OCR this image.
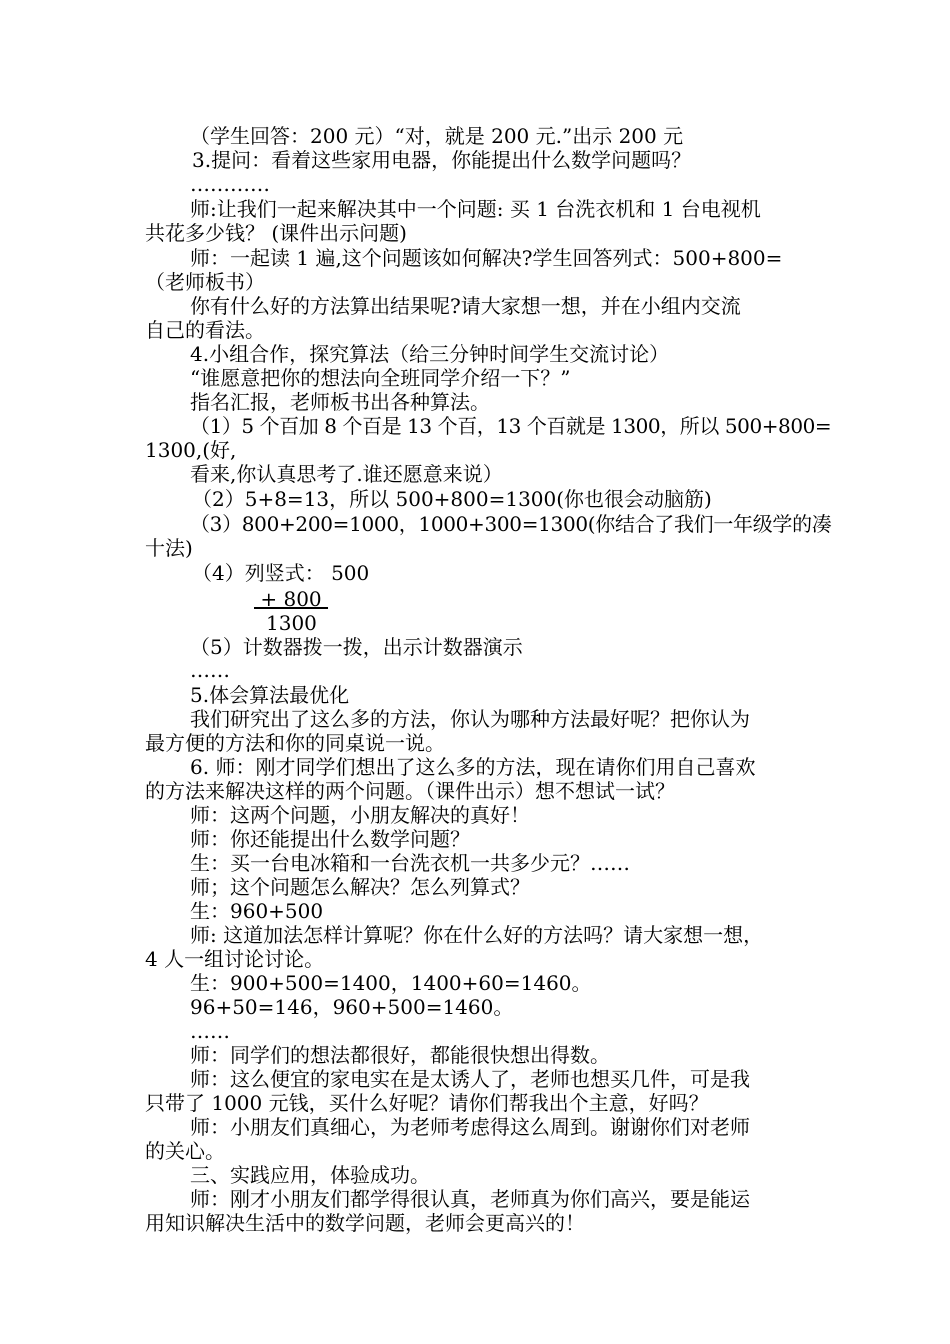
（学生回答：200 元）“对，就是 200 元.”出示 200 元
3.提问：看着这些家用电器，你能提出什么数学问题吗？
…………
师:让我们一起来解决其中一个问题: 买 1 台洗衣机和 1 台电视机
共花多少钱？ (课件出示问题)
师：一起读 1 遍,这个问题该如何解决?学生回答列式：500+800=
（老师板书）
你有什么好的方法算出结果呢?请大家想一想，并在小组内交流
自己的看法。
4.小组合作，探究算法（给三分钟时间学生交流讨论）
“谁愿意把你的想法向全班同学介绍一下？”
指名汇报，老师板书出各种算法。
（1）5 个百加 8 个百是 13 个百，13 个百就是 1300，所以 500+800=
1300,(好,
看来,你认真思考了.谁还愿意来说）
（2）5+8=13，所以 500+800=1300(你也很会动脑筋)
（3）800+200=1000，1000+300=1300(你结合了我们一年级学的凑
十法)
（4）列竖式： 500
+ 800
1300
（5）计数器拨一拨，出示计数器演示
……
5.体会算法最优化
我们研究出了这么多的方法，你认为哪种方法最好呢？把你认为
最方便的方法和你的同桌说一说。
6. 师：刚才同学们想出了这么多的方法，现在请你们用自己喜欢
的方法来解决这样的两个问题。（课件出示）想不想试一试？
师：这两个问题，小朋友解决的真好！
师：你还能提出什么数学问题？
生：买一台电冰箱和一台洗衣机一共多少元？……
师；这个问题怎么解决？怎么列算式？
生：960+500
师: 这道加法怎样计算呢？你在什么好的方法吗？请大家想一想，
4 人一组讨论讨论。
生：900+500=1400，1400+60=1460。
96+50=146，960+500=1460。
……
师：同学们的想法都很好，都能很快想出得数。
师：这么便宜的家电实在是太诱人了，老师也想买几件，可是我
只带了 1000 元钱，买什么好呢？请你们帮我出个主意，好吗？
师：小朋友们真细心，为老师考虑得这么周到。谢谢你们对老师
的关心。
三、实践应用，体验成功。
师：刚才小朋友们都学得很认真，老师真为你们高兴，要是能运
用知识解决生活中的数学问题，老师会更高兴的！
